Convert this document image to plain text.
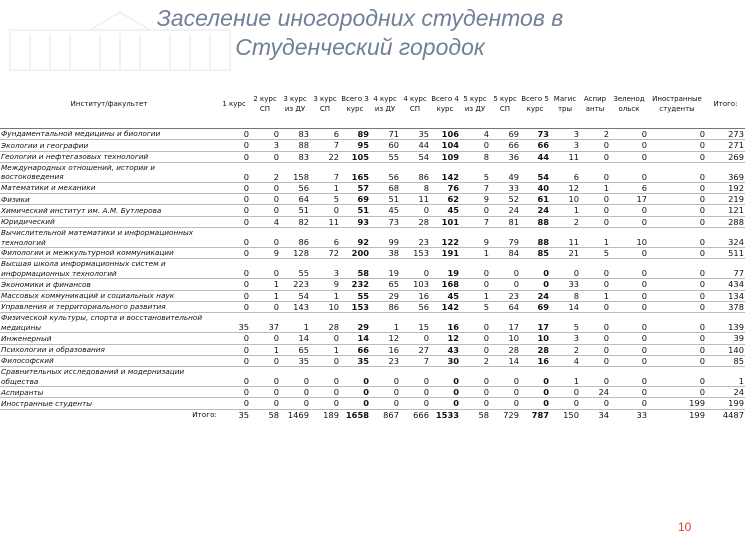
Заселение иногородних студентов в
Студенческий городок
Институт/факультет	1 курс	2 курс СП	3 курс из ДУ	3 курс СП	Всего 3 курс	4 курс из ДУ	4 курс СП	Всего 4 курс	5 курс из ДУ	5 курс СП	Всего 5 курс	Магис тры	Аспир анты	Зеленод ольск	Иностранные студенты	Итого:
Фундаментальной медицины и биологии	0	0	83	6	89	71	35	106	4	69	73	3	2	0	0	273
Экологии и географии	0	3	88	7	95	60	44	104	0	66	66	3	0	0	0	271
Геологии и нефтегазовых технологий	0	0	83	22	105	55	54	109	8	36	44	11	0	0	0	269
Международных отношений, истории и востоковедения	0	2	158	7	165	56	86	142	5	49	54	6	0	0	0	369
Математики и механики	0	0	56	1	57	68	8	76	7	33	40	12	1	6	0	192
Физики	0	0	64	5	69	51	11	62	9	52	61	10	0	17	0	219
Химический институт им. А.М. Бутлерова	0	0	51	0	51	45	0	45	0	24	24	1	0	0	0	121
Юридический	0	4	82	11	93	73	28	101	7	81	88	2	0	0	0	288
Вычислительной математики и информационных технологий	0	0	86	6	92	99	23	122	9	79	88	11	1	10	0	324
Филологии и межкультурной коммуникации	0	9	128	72	200	38	153	191	1	84	85	21	5	0	0	511
Высшая школа информационных систем и информационных технологий	0	0	55	3	58	19	0	19	0	0	0	0	0	0	0	77
Экономики и финансов	0	1	223	9	232	65	103	168	0	0	0	33	0	0	0	434
Массовых коммуникаций и социальных наук	0	1	54	1	55	29	16	45	1	23	24	8	1	0	0	134
Управления и территориального развития	0	0	143	10	153	86	56	142	5	64	69	14	0	0	0	378
Физической культуры, спорта и восстановительной медицины	35	37	1	28	29	1	15	16	0	17	17	5	0	0	0	139
Инженерный	0	0	14	0	14	12	0	12	0	10	10	3	0	0	0	39
Психологии и образования	0	1	65	1	66	16	27	43	0	28	28	2	0	0	0	140
Философский	0	0	35	0	35	23	7	30	2	14	16	4	0	0	0	85
Сравнительных исследований и модернизации общества	0	0	0	0	0	0	0	0	0	0	0	1	0	0	0	1
Аспиранты	0	0	0	0	0	0	0	0	0	0	0	0	24	0	0	24
Иностранные студенты	0	0	0	0	0	0	0	0	0	0	0	0	0	0	199	199
Итого:	35	58	1469	189	1658	867	666	1533	58	729	787	150	34	33	199	4487
10
